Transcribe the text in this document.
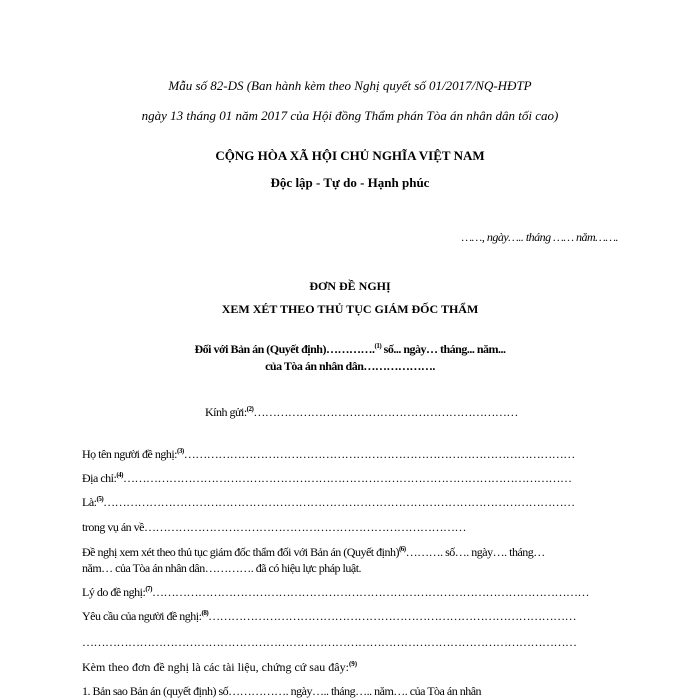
Mẫu số 82-DS (Ban hành kèm theo Nghị quyết số 01/2017/NQ-HĐTP
ngày 13 tháng 01 năm 2017 của Hội đồng Thẩm phán Tòa án nhân dân tối cao)
CỘNG HÒA XÃ HỘI CHỦ NGHĨA VIỆT NAM
Độc lập - Tự do - Hạnh phúc
……, ngày….. tháng …… năm…….
ĐƠN ĐỀ NGHỊ
XEM XÉT THEO THỦ TỤC GIÁM ĐỐC THẨM
Đối với Bản án (Quyết định)………….$^{(1)}$ số... ngày… tháng... năm...
của Tòa án nhân dân……………….
Kính gửi:$^{(2)}$……………………………………………………………
Họ tên người đề nghị:$^{(3)}$…………………………………………………………………………………………
Địa chỉ:$^{(4)}$………………………………………………………………………………………………………
Là:$^{(5)}$……………………………………………………………………………………………………………
trong vụ án về…………………………………………………………………………
Đề nghị xem xét theo thủ tục giám đốc thẩm đối với Bản án (Quyết định)$^{(6)}$………. số…. ngày…. tháng…
năm… của Tòa án nhân dân…………. đã có hiệu lực pháp luật.
Lý do đề nghị:$^{(7)}$……………………………………………………………………………………………………
Yêu cầu của người đề nghị:$^{(8)}$……………………………………………………………………………………
…………………………………………………………………………………………………………………
Kèm theo đơn đề nghị là các tài liệu, chứng cứ sau đây:$^{(9)}$
1. Bản sao Bản án (quyết định) số……………. ngày….. tháng….. năm…. của Tòa án nhân
